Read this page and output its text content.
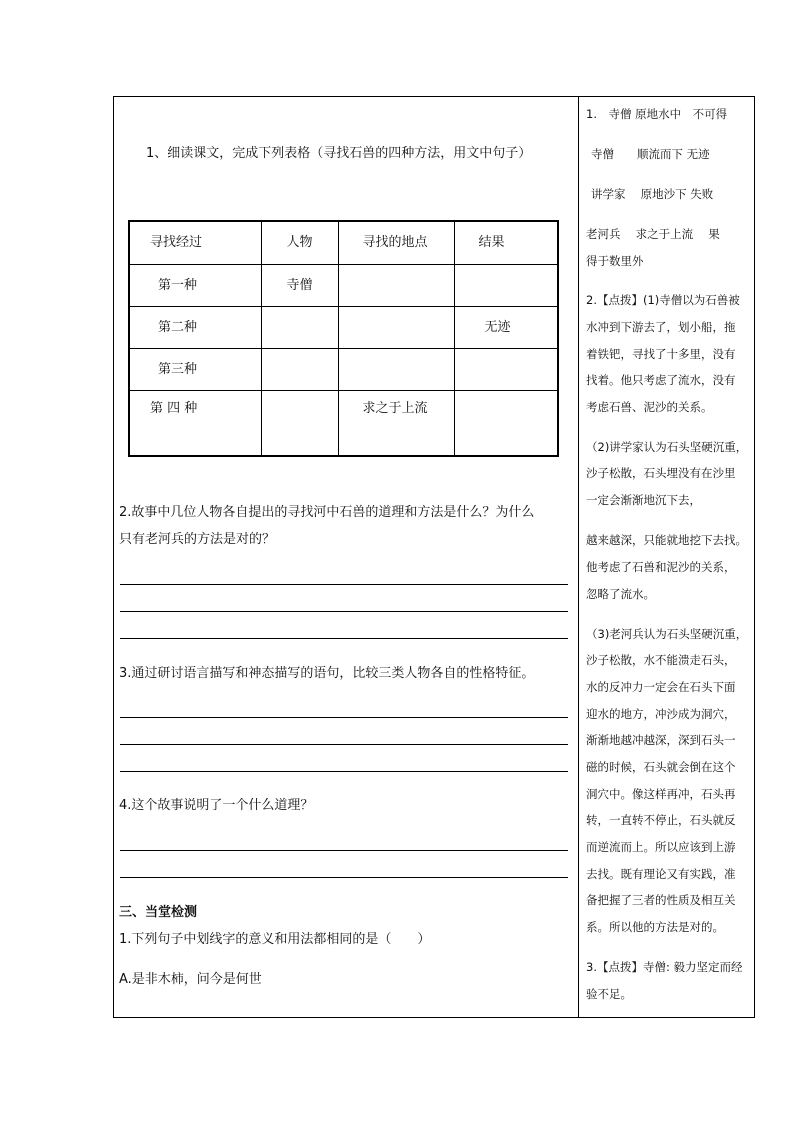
1、细读课文，完成下列表格（寻找石兽的四种方法，用文中句子）
寻找经过	人物	寻找的地点	结果

第一种	寺僧		

第二种			无迹

第三种			

第 四 种		求之于上流	

2.故事中几位人物各自提出的寻找河中石兽的道理和方法是什么？为什么
只有老河兵的方法是对的？
3.通过研讨语言描写和神态描写的语句，比较三类人物各自的性格特征。
4.这个故事说明了一个什么道理？
三、当堂检测
1.下列句子中划线字的意义和用法都相同的是（　　）
A.是非木柿，问今是何世
1.　寺僧 原地水中　不可得
寺僧　　顺流而下 无迹
讲学家　 原地沙下 失败
老河兵　 求之于上流　 果
得于数里外
2.【点拨】(1)寺僧以为石兽被
水冲到下游去了，划小船，拖
着铁钯，寻找了十多里，没有
找着。他只考虑了流水，没有
考虑石兽、泥沙的关系。
（2)讲学家认为石头坚硬沉重，
沙子松散，石头埋没有在沙里
一定会渐渐地沉下去，
越来越深，只能就地挖下去找。
他考虑了石兽和泥沙的关系，
忽略了流水。
（3)老河兵认为石头坚硬沉重，
沙子松散，水不能溃走石头，
水的反冲力一定会在石头下面
迎水的地方，冲沙成为洞穴，
渐渐地越冲越深，深到石头一
磁的时候，石头就会倒在这个
洞穴中。像这样再冲，石头再
转，一直转不停止，石头就反
而逆流而上。所以应该到上游
去找。既有理论又有实践，准
备把握了三者的性质及相互关
系。所以他的方法是对的。
3.【点拨】寺僧: 毅力坚定而经
验不足。
